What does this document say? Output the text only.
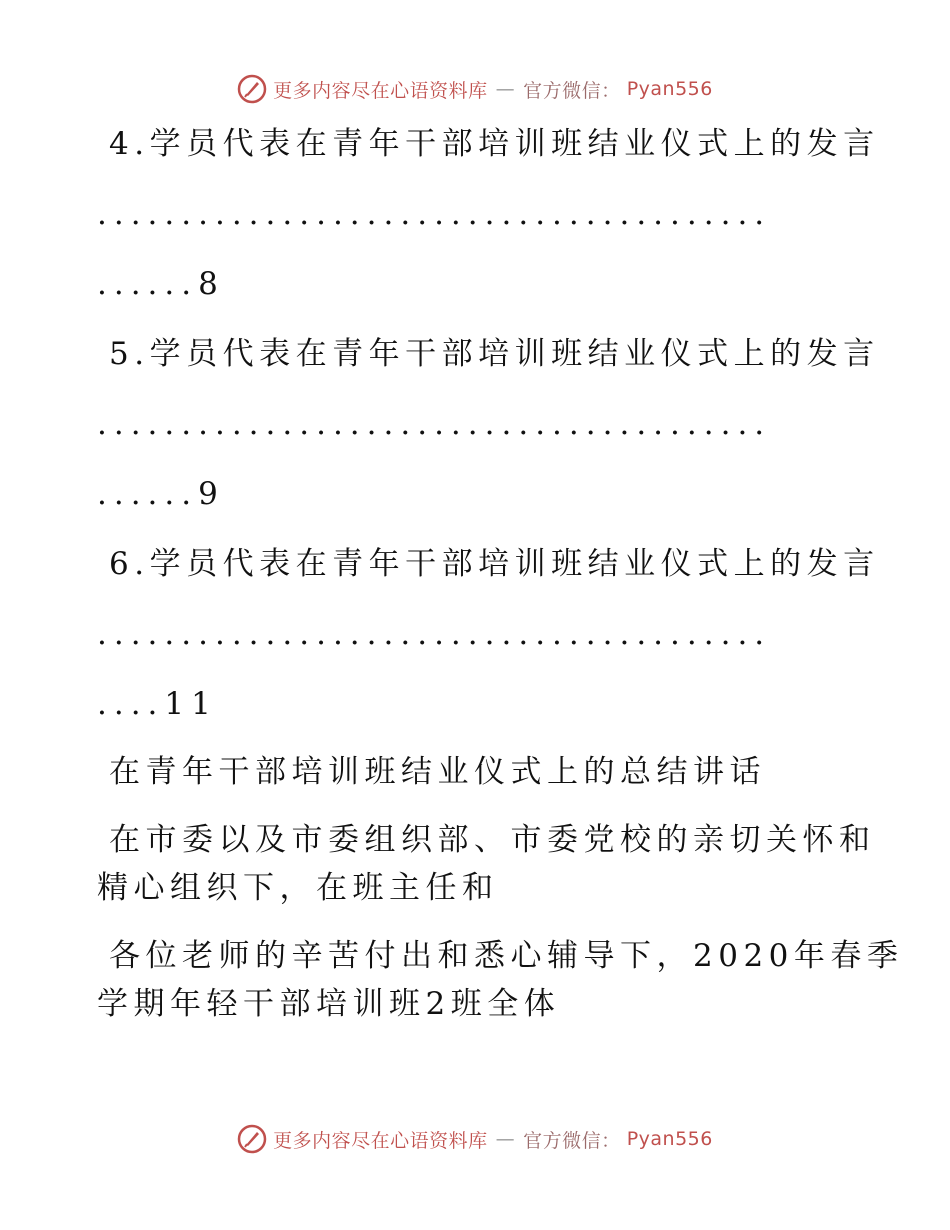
更多内容尽在心语资料库 — 官方微信： Pyan556
4.学员代表在青年干部培训班结业仪式上的发言
........................................
......8
5.学员代表在青年干部培训班结业仪式上的发言
........................................
......9
6.学员代表在青年干部培训班结业仪式上的发言
........................................
....11
在青年干部培训班结业仪式上的总结讲话
在市委以及市委组织部、市委党校的亲切关怀和
精心组织下，在班主任和
各位老师的辛苦付出和悉心辅导下，2020年春季
学期年轻干部培训班2班全体
更多内容尽在心语资料库 — 官方微信： Pyan556
